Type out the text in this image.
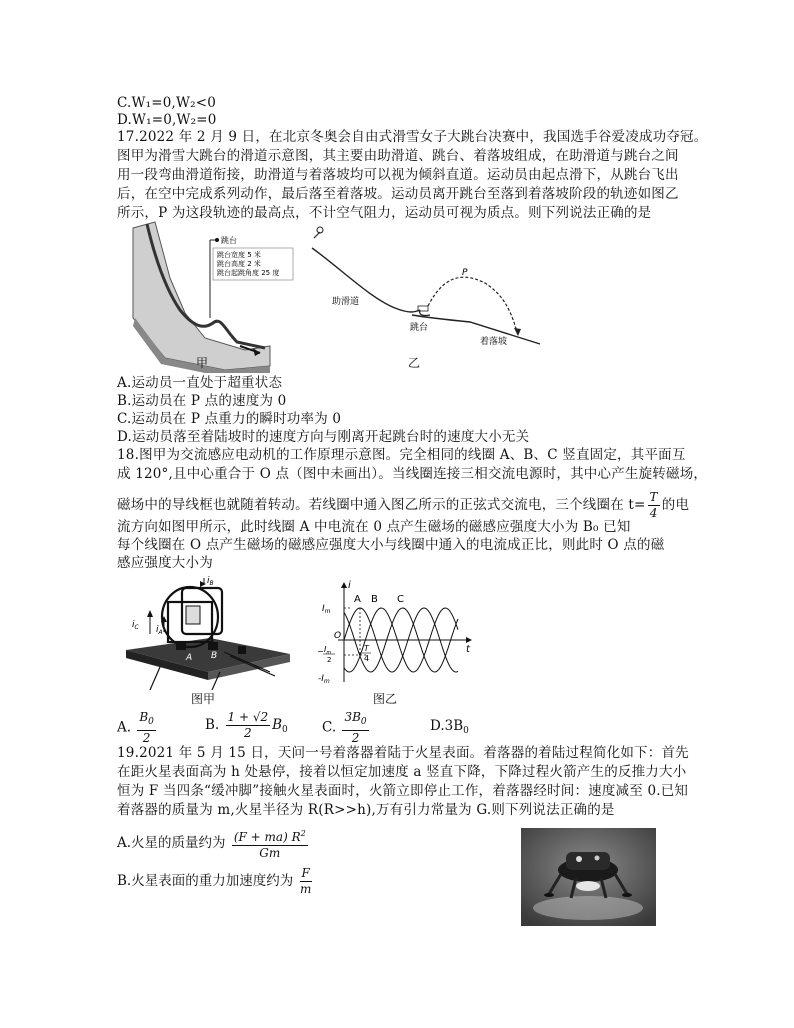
C.W₁=0,W₂<0
D.W₁=0,W₂=0
17.2022 年 2 月 9 日，在北京冬奥会自由式滑雪女子大跳台决赛中，我国选手谷爱凌成功夺冠。
图甲为滑雪大跳台的滑道示意图，其主要由助滑道、跳台、着落坡组成，在助滑道与跳台之间
用一段弯曲滑道衔接，助滑道与着落坡均可以视为倾斜直道。运动员由起点滑下，从跳台飞出
后，在空中完成系列动作，最后落至着落坡。运动员离开跳台至落到着落坡阶段的轨迹如图乙
所示，P 为这段轨迹的最高点，不计空气阻力，运动员可视为质点。则下列说法正确的是
跳台
跳台宽度 5 米
跳台高度 2 米
跳台起跳角度 25 度
甲
P
助滑道
跳台
着落坡
乙
A.运动员一直处于超重状态
B.运动员在 P 点的速度为 0
C.运动员在 P 点重力的瞬时功率为 0
D.运动员落至着陆坡时的速度方向与刚离开起跳台时的速度大小无关
18.图甲为交流感应电动机的工作原理示意图。完全相同的线圈 A、B、C 竖直固定，其平面互
成 120°,且中心重合于 O 点（图中未画出）。当线圈连接三相交流电源时，其中心产生旋转磁场，
磁场中的导线框也就随着转动。若线圈中通入图乙所示的正弦式交流电，三个线圈在 $t= \frac{T}{4}$ 的电
流方向如图甲所示，此时线圈 A 中电流在 0 点产生磁场的磁感应强度大小为 B₀ 已知
每个线圈在 O 点产生磁场的磁感应强度大小与线圈中通入的电流成正比，则此时 O 点的磁
感应强度大小为
$i_B$
$i_C$ $i_A$
A B
图甲
i
t
O
$I_m$
$-I_m$
− $I_m$
2
T
4
A B C
图乙
A. $\frac{B_0}{2}$	B. $\frac{1 + √2}{2} B_0$	C. $\frac{3B_0}{2}$	$D.3B_0$
19.2021 年 5 月 15 日，天问一号着落器着陆于火星表面。着落器的着陆过程简化如下：首先
在距火星表面高为 h 处悬停，接着以恒定加速度 a 竖直下降，下降过程火箭产生的反推力大小
恒为 F 当四条“缓冲脚”接触火星表面时，火箭立即停止工作，着落器经时间：速度减至 0.已知
着落器的质量为 m,火星半径为 R(R>>h),万有引力常量为 G.则下列说法正确的是
A.火星的质量约为 $\frac{(F + ma) R^2}{Gm}$
B.火星表面的重力加速度约为 $\frac{F}{m}$
